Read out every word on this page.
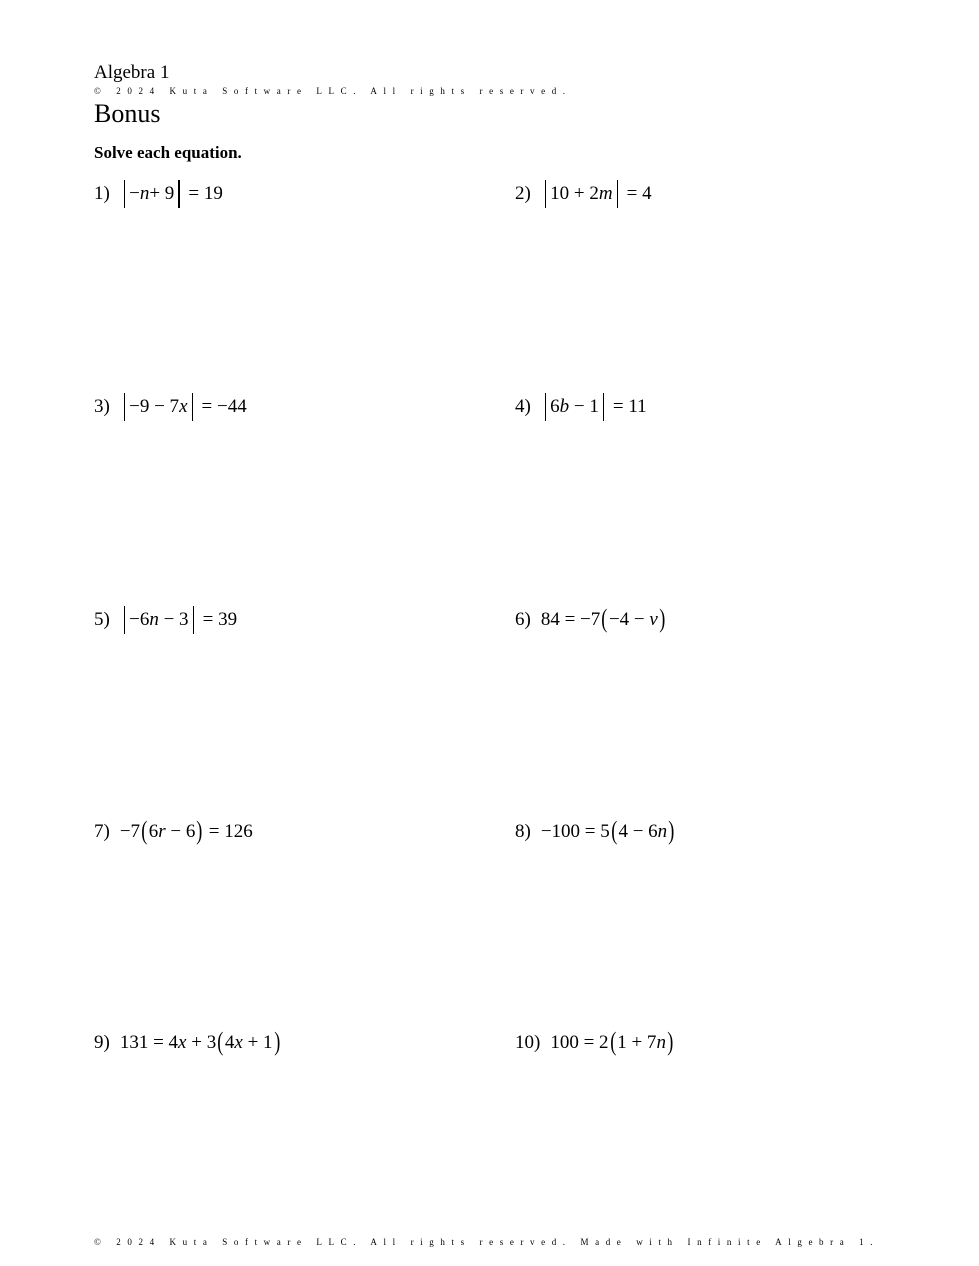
Algebra 1
© 2024 Kuta Software LLC. All rights reserved.
Bonus
Solve each equation.
1) − n + 9 = 19	2) 10 + 2 m = 4
3) −9 − 7 x = −44	4) 6 b − 1 = 11
5) −6 n − 3 = 39	6) 84 = −7 ( −4 − v )
7) −7 ( 6 r − 6 ) = 126	8) −100 = 5 ( 4 − 6 n )
9) 131 = 4 x + 3 ( 4 x + 1 )	10) 100 = 2 ( 1 + 7 n )
© 2024 Kuta Software LLC. All rights reserved. Made with Infinite Algebra 1.
